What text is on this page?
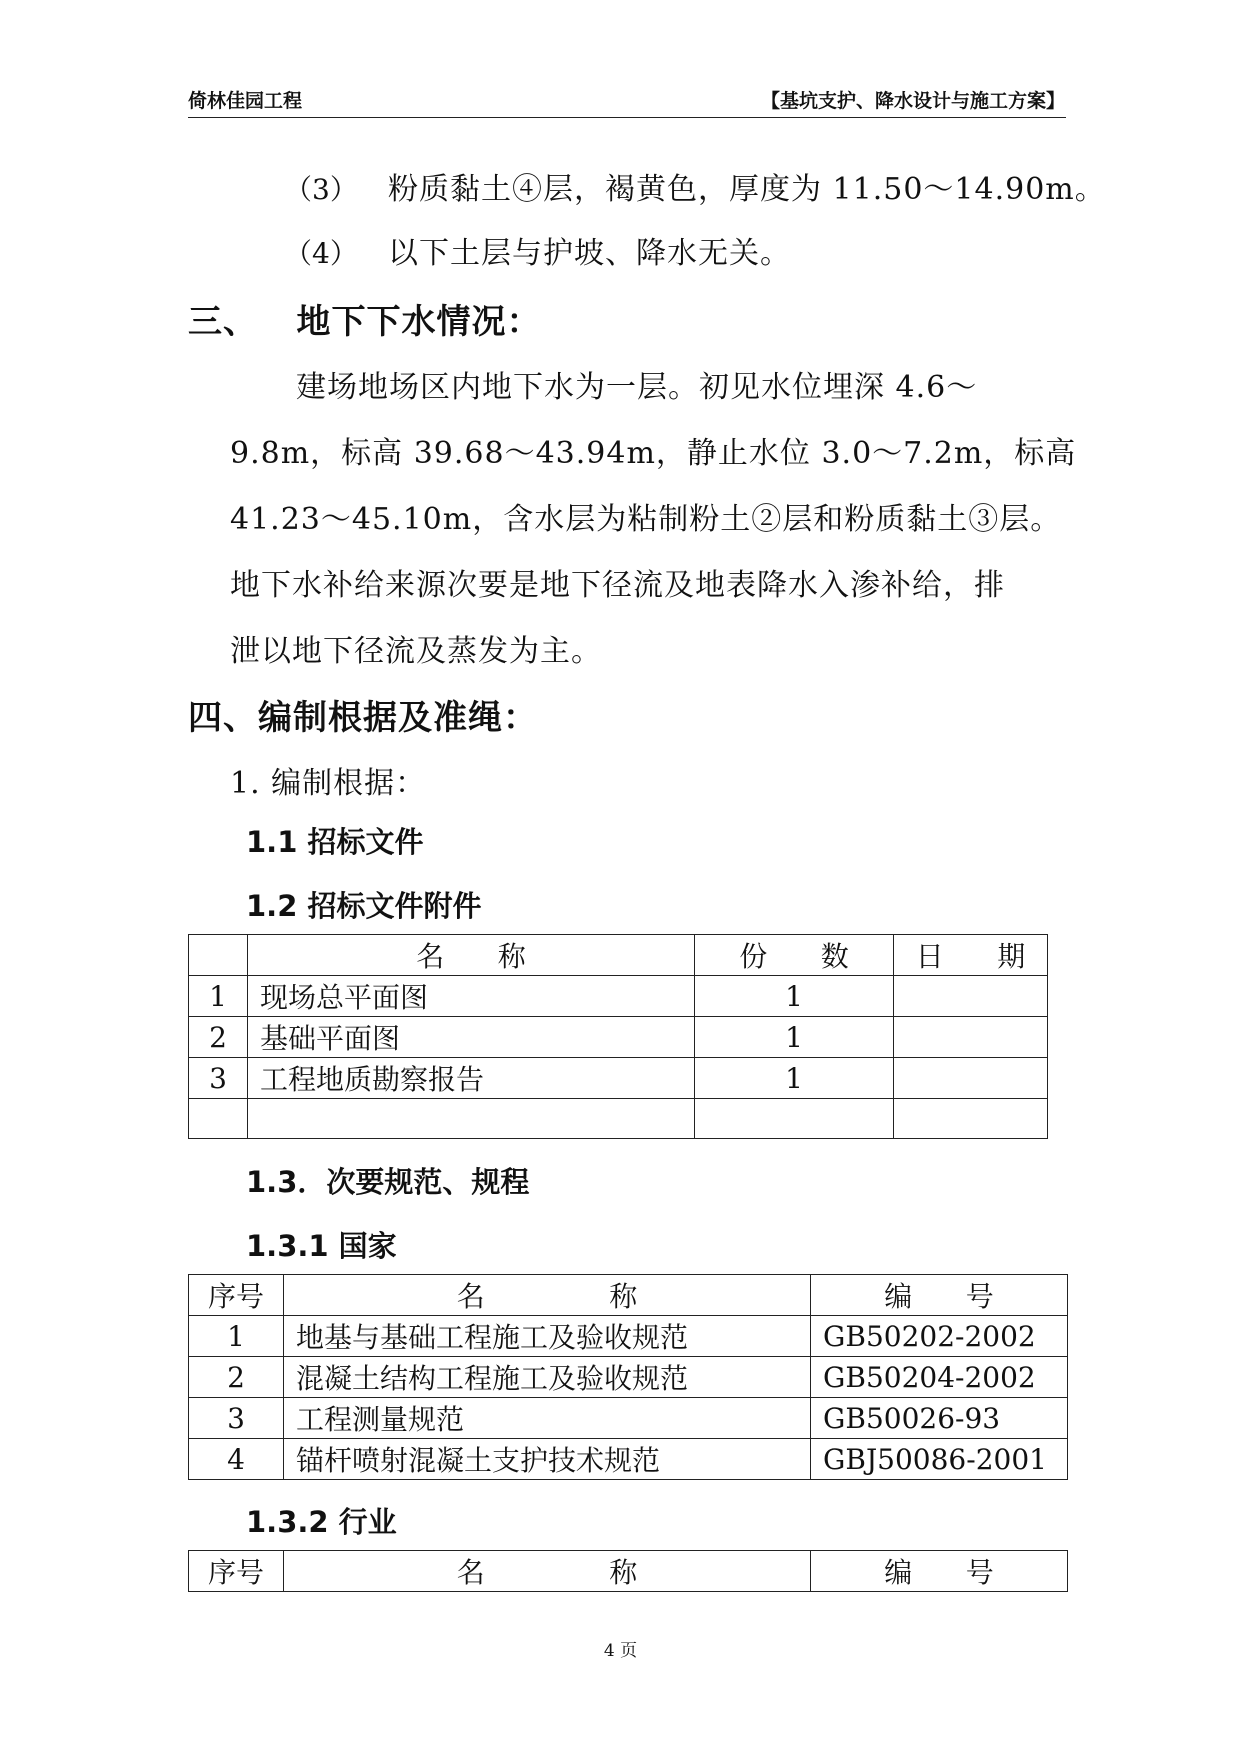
倚林佳园工程	【基坑支护、降水设计与施工方案】
（3） 粉质黏土④层，褐黄色，厚度为 11.50～14.90m。
（4） 以下土层与护坡、降水无关。
三、   地下下水情况：
建场地场区内地下水为一层。初见水位埋深 4.6～
9.8m，标高 39.68～43.94m，静止水位 3.0～7.2m，标高
41.23～45.10m，含水层为粘制粉土②层和粉质黏土③层。
地下水补给来源次要是地下径流及地表降水入渗补给，排
泄以地下径流及蒸发为主。
四、编制根据及准绳：
1. 编制根据：
1.1 招标文件
1.2 招标文件附件
	名      称	份      数	日      期
1	现场总平面图	1	
2	基础平面图	1	
3	工程地质勘察报告	1	

1.3．次要规范、规程
1.3.1 国家
序号	名              称	编      号
1	地基与基础工程施工及验收规范	GB50202-2002
2	混凝土结构工程施工及验收规范	GB50204-2002
3	工程测量规范	GB50026-93
4	锚杆喷射混凝土支护技术规范	GBJ50086-2001
1.3.2 行业
序号	名              称	编      号
4 页
